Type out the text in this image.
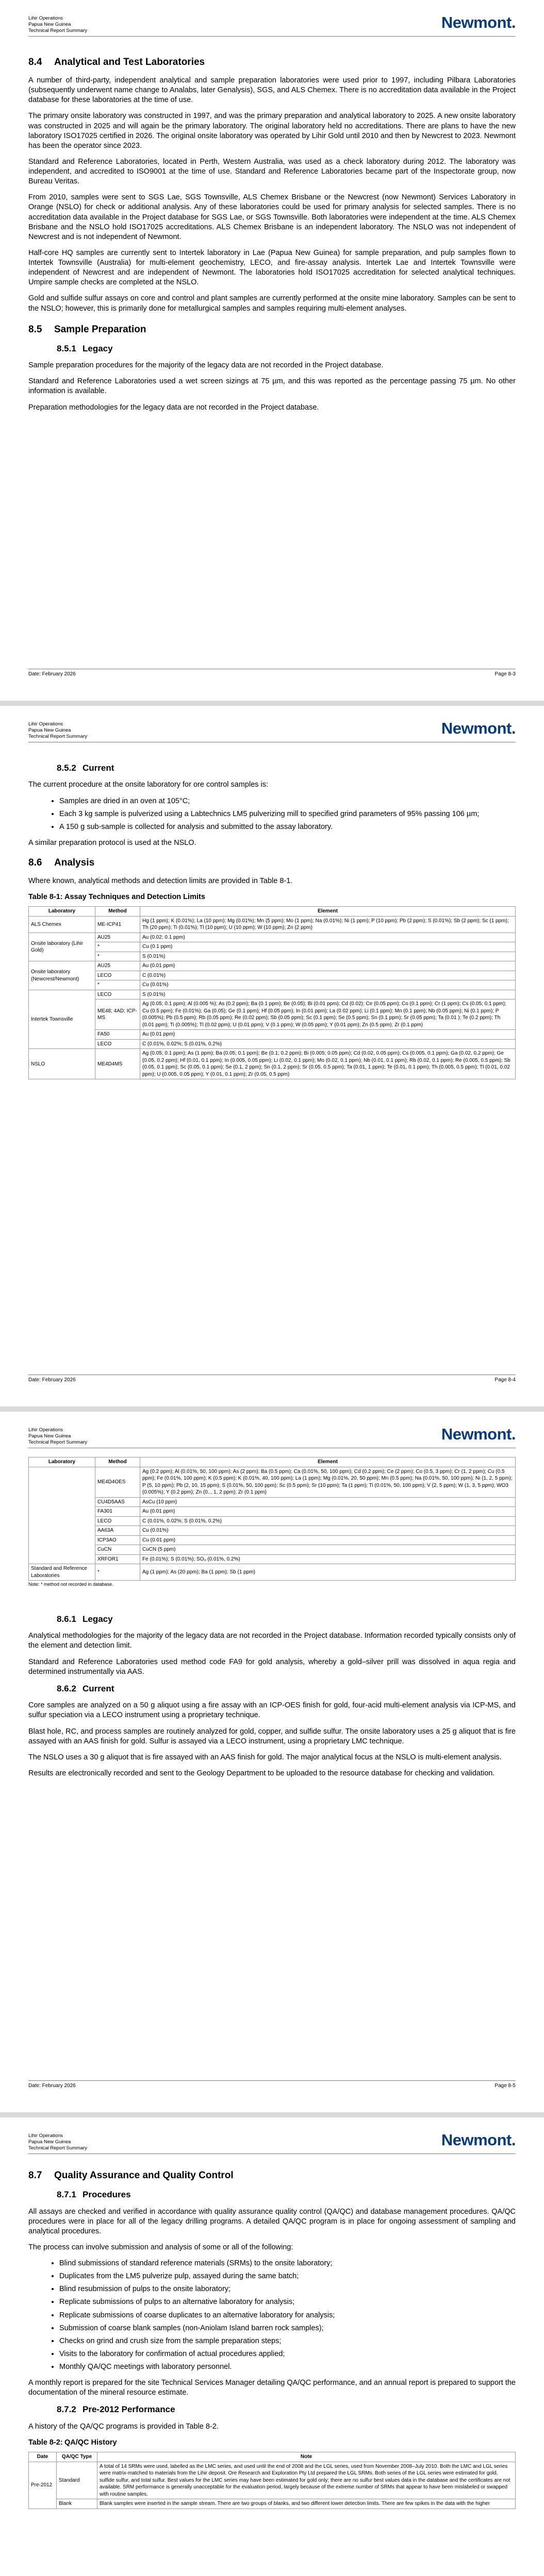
Lihir Operations
Papua New Guinea
Technical Report Summary	Newmont.
8.4 Analytical and Test Laboratories

A number of third-party, independent analytical and sample preparation laboratories were used prior to 1997, including Pilbara Laboratories (subsequently underwent name change to Analabs, later Genalysis), SGS, and ALS Chemex. There is no accreditation data available in the Project database for these laboratories at the time of use.

The primary onsite laboratory was constructed in 1997, and was the primary preparation and analytical laboratory to 2025. A new onsite laboratory was constructed in 2025 and will again be the primary laboratory. The original laboratory held no accreditations. There are plans to have the new laboratory ISO17025 certified in 2026. The original onsite laboratory was operated by Lihir Gold until 2010 and then by Newcrest to 2023. Newmont has been the operator since 2023.

Standard and Reference Laboratories, located in Perth, Western Australia, was used as a check laboratory during 2012. The laboratory was independent, and accredited to ISO9001 at the time of use. Standard and Reference Laboratories became part of the Inspectorate group, now Bureau Veritas.

From 2010, samples were sent to SGS Lae, SGS Townsville, ALS Chemex Brisbane or the Newcrest (now Newmont) Services Laboratory in Orange (NSLO) for check or additional analysis. Any of these laboratories could be used for primary analysis for selected samples. There is no accreditation data available in the Project database for SGS Lae, or SGS Townsville. Both laboratories were independent at the time. ALS Chemex Brisbane and the NSLO hold ISO17025 accreditations. ALS Chemex Brisbane is an independent laboratory. The NSLO was not independent of Newcrest and is not independent of Newmont.

Half-core HQ samples are currently sent to Intertek laboratory in Lae (Papua New Guinea) for sample preparation, and pulp samples flown to Intertek Townsville (Australia) for multi-element geochemistry, LECO, and fire-assay analysis. Intertek Lae and Intertek Townsville were independent of Newcrest and are independent of Newmont. The laboratories hold ISO17025 accreditation for selected analytical techniques. Umpire sample checks are completed at the NSLO.

Gold and sulfide sulfur assays on core and control and plant samples are currently performed at the onsite mine laboratory. Samples can be sent to the NSLO; however, this is primarily done for metallurgical samples and samples requiring multi-element analyses.

8.5 Sample Preparation
8.5.1 Legacy

Sample preparation procedures for the majority of the legacy data are not recorded in the Project database.

Standard and Reference Laboratories used a wet screen sizings at 75 µm, and this was reported as the percentage passing 75 µm. No other information is available.

Preparation methodologies for the legacy data are not recorded in the Project database.

Date: February 2026	Page 8-3
Lihir Operations
Papua New Guinea
Technical Report Summary	Newmont.
8.5.2 Current

The current procedure at the onsite laboratory for ore control samples is:

• Samples are dried in an oven at 105°C;
• Each 3 kg sample is pulverized using a Labtechnics LM5 pulverizing mill to specified grind parameters of 95% passing 106 µm;
• A 150 g sub-sample is collected for analysis and submitted to the assay laboratory.

A similar preparation protocol is used at the NSLO.

8.6 Analysis

Where known, analytical methods and detection limits are provided in Table 8-1.

Table 8-1: Assay Techniques and Detection Limits
Laboratory	Method	Element
ALS Chemex	ME-ICP41	Hg (1 ppm); K (0.01%); La (10 ppm); Mg (0.01%); Mn (5 ppm); Mo (1 ppm); Na (0.01%); Ni (1 ppm); P (10 ppm); Pb (2 ppm); S (0.01%); Sb (2 ppm); Sc (1 ppm); Th (20 ppm); Ti (0.01%); Tl (10 ppm); U (10 ppm); W (10 ppm); Zn (2 ppm)
Onsite laboratory (Lihir Gold)	AU25	Au (0.02; 0.1 ppm)
	*	Cu (0.1 ppm)
	*	S (0.01%)
Onsite laboratory (Newcrest/Newmont)	AU25	Au (0.01 ppm)
	LECO	C (0.01%)
	*	Cu (0.01%)
Intertek Townsville	LECO	S (0.01%)
	ME48; 4AD; ICP-MS	Ag (0.05; 0.1 ppm); Al (0.005 %); As (0.2 ppm); Ba (0.1 ppm); Be (0.05); Bi (0.01 ppm); Cd (0.02); Ce (0.05 ppm); Co (0.1 ppm); Cr (1 ppm); Cs (0.05; 0.1 ppm); Cu (0.5 ppm); Fe (0.01%); Ga (0.05); Ge (0.1 ppm); Hf (0.05 ppm); In (0.01 ppm); La (0.02 ppm); Li (0.1 ppm); Mn (0.1 ppm); Nb (0.05 ppm); Ni (0.1 ppm); P (0.005%); Pb (0.5 ppm); Rb (0.05 ppm); Re (0.02 ppm); Sb (0.05 ppm); Sc (0.1 ppm); Se (0.5 ppm); Sn (0.1 ppm); Sr (0.05 ppm); Ta (0.01 ); Te (0.2 ppm); Th (0.01 ppm); Ti (0.005%); Tl (0.02 ppm); U (0.01 ppm); V (0.1 ppm); W (0.05 ppm); Y (0.01 ppm); Zn (0.5 ppm); Zr (0.1 ppm)
	FA50	Au (0.01 ppm)
	LECO	C (0.01%, 0.02%; S (0.01%, 0.2%)
NSLO	ME4D4MS	Ag (0.05; 0.1 ppm); As (1 ppm); Ba (0.05; 0.1 ppm); Be (0.1; 0.2 ppm); Bi (0.005; 0.05 ppm); Cd (0.02, 0.05 ppm); Cs (0.005, 0.1 ppm); Ga (0.02, 0.2 ppm); Ge (0.05, 0.2 ppm); Hf (0.01, 0.1 ppm); In (0.005, 0.05 ppm); Li (0.02, 0.1 ppm); Mo (0.02, 0.1 ppm); Nb (0.01, 0.1 ppm); Rb (0.02, 0.1 ppm); Re (0.005, 0.5 ppm); Sb (0.05, 0.1 ppm); Sc (0.05, 0.1 ppm); Se (0.1, 2 ppm); Sn (0.1, 2 ppm); Sr (0.05, 0.5 ppm); Ta (0.01, 1 ppm); Te (0.01, 0.1 ppm); Th (0.005, 0.5 ppm); Tl (0.01, 0.02 ppm); U (0.005, 0.05 ppm); Y (0.01, 0.1 ppm); Zr (0.05, 0.5 ppm)
Date: February 2026	Page 8-4
Lihir Operations
Papua New Guinea
Technical Report Summary	Newmont.
Laboratory	Method	Element
	ME4D4OES	Ag (0.2 ppm); Al (0.01%, 50, 100 ppm); As (2 ppm); Ba (0.5 ppm); Ca (0.01%, 50, 100 ppm); Cd (0.2 ppm); Ce (2 ppm); Co (0.5, 3 ppm); Cr (1, 2 ppm); Cu (0.5 ppm); Fe (0.01%, 100 ppm); K (0.5 ppm); K (0.01%, 40, 100 ppm); La (1 ppm); Mg (0.01%, 20, 50 ppm); Mn (0.5 ppm); Na (0.01%, 50, 100 ppm); Ni (1, 2, 5 ppm); P (5, 10 ppm); Pb (2, 10, 15 ppm); S (0.01%, 50, 100 ppm); Sc (0.5 ppm); Sr (10 ppm); Ta (1 ppm); Ti (0.01%, 50, 100 ppm); V (2, 5 ppm); W (1, 3, 5 ppm); WO3 (0.005%); Y (0.2 ppm); Zn (0.., 1, 2 ppm); Zr (0.1 ppm)
	CU4D5AAS	AsCu (10 ppm)
	FA301	Au (0.01 ppm)
	LECO	C (0.01%, 0.02%; S (0.01%, 0.2%)
	AA63A	Cu (0.01%)
	ICP3AO	Cu (0.01 ppm)
	CuCN	CuCN (5 ppm)
	XRFOR1	Fe (0.01%); S (0.01%); SO₃ (0.01%, 0.2%)
Standard and Reference Laboratories	*	Ag (1 ppm); As (20 ppm); Ba (1 ppm); Sb (1 ppm)
Note: * method not recorded in database.
8.6.1 Legacy

Analytical methodologies for the majority of the legacy data are not recorded in the Project database. Information recorded typically consists only of the element and detection limit.

Standard and Reference Laboratories used method code FA9 for gold analysis, whereby a gold–silver prill was dissolved in aqua regia and determined instrumentally via AAS.

8.6.2 Current

Core samples are analyzed on a 50 g aliquot using a fire assay with an ICP-OES finish for gold, four-acid multi-element analysis via ICP-MS, and sulfur speciation via a LECO instrument using a proprietary technique.

Blast hole, RC, and process samples are routinely analyzed for gold, copper, and sulfide sulfur. The onsite laboratory uses a 25 g aliquot that is fire assayed with an AAS finish for gold. Sulfur is assayed via a LECO instrument, using a proprietary LMC technique.

The NSLO uses a 30 g aliquot that is fire assayed with an AAS finish for gold. The major analytical focus at the NSLO is multi-element analysis.

Results are electronically recorded and sent to the Geology Department to be uploaded to the resource database for checking and validation.

Date: February 2026	Page 8-5
Lihir Operations
Papua New Guinea
Technical Report Summary	Newmont.
8.7 Quality Assurance and Quality Control
8.7.1 Procedures

All assays are checked and verified in accordance with quality assurance quality control (QA/QC) and database management procedures. QA/QC procedures were in place for all of the legacy drilling programs. A detailed QA/QC program is in place for ongoing assessment of sampling and analytical procedures.

The process can involve submission and analysis of some or all of the following:

• Blind submissions of standard reference materials (SRMs) to the onsite laboratory;
• Duplicates from the LM5 pulverize pulp, assayed during the same batch;
• Blind resubmission of pulps to the onsite laboratory;
• Replicate submissions of pulps to an alternative laboratory for analysis;
• Replicate submissions of coarse duplicates to an alternative laboratory for analysis;
• Submission of coarse blank samples (non-Aniolam Island barren rock samples);
• Checks on grind and crush size from the sample preparation steps;
• Visits to the laboratory for confirmation of actual procedures applied;
• Monthly QA/QC meetings with laboratory personnel.

A monthly report is prepared for the site Technical Services Manager detailing QA/QC performance, and an annual report is prepared to support the documentation of the mineral resource estimate.

8.7.2 Pre-2012 Performance

A history of the QA/QC programs is provided in Table 8-2.

Table 8-2: QA/QC History
Date	QA/QC Type	Note
Pre-2012	Standard	A total of 14 SRMs were used, labelled as the LMC series, and used until the end of 2008 and the LGL series, used from November 2008–July 2010. Both the LMC and LGL series were matrix-matched to materials from the Lihir deposit. Ore Research and Exploration Pty Ltd prepared the LGL SRMs. Both series of the LGL series were estimated for gold, sulfide sulfur, and total sulfur. Best values for the LMC series may have been estimated for gold only; there are no sulfur best values data in the database and the certificates are not available. SRM performance is generally unacceptable for the evaluation period, largely because of the extreme number of SRMs that appear to have been mislabeled or swapped with routine samples.
	Blank	Blank samples were inserted in the sample stream. There are two groups of blanks, and two different lower detection limits. There are few spikes in the data with the higher
